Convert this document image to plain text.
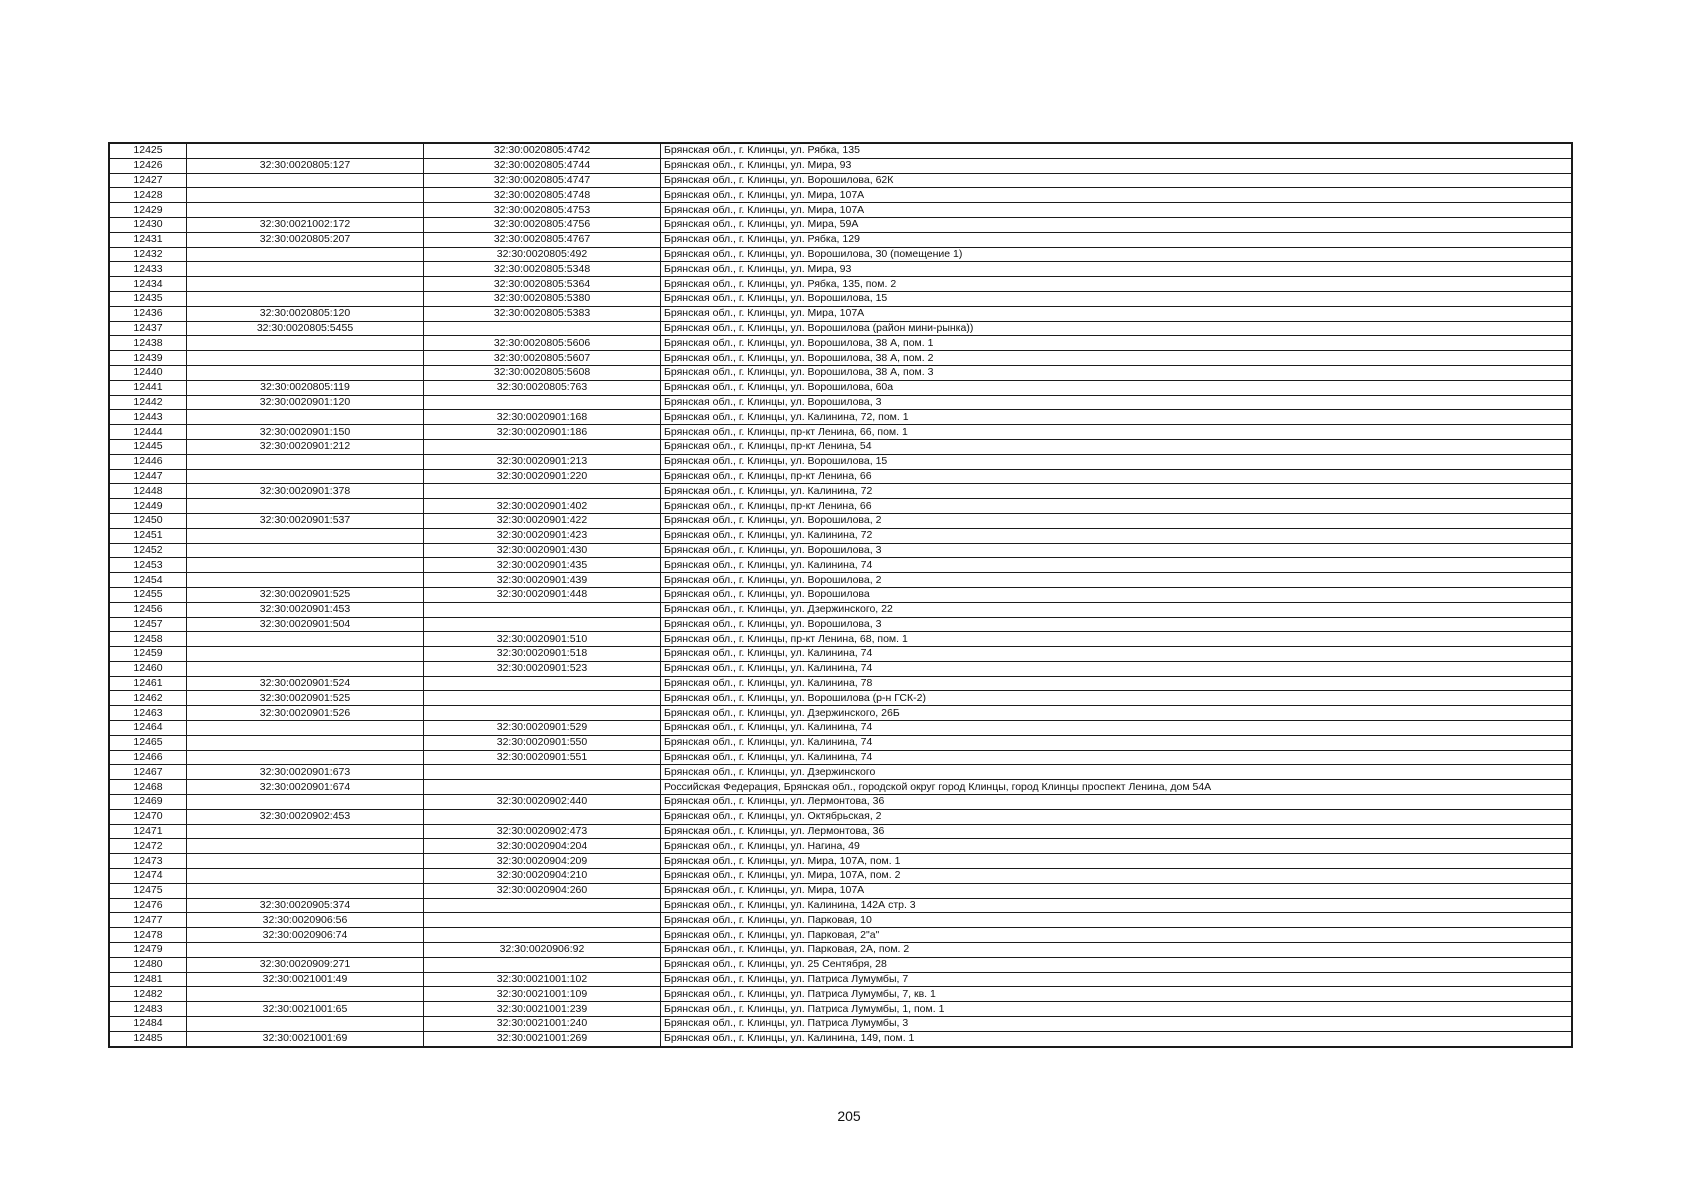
12425		32:30:0020805:4742	Брянская обл., г. Клинцы, ул. Рябка, 135
12426	32:30:0020805:127	32:30:0020805:4744	Брянская обл., г. Клинцы, ул. Мира, 93
12427		32:30:0020805:4747	Брянская обл., г. Клинцы, ул. Ворошилова, 62К
12428		32:30:0020805:4748	Брянская обл., г. Клинцы, ул. Мира, 107А
12429		32:30:0020805:4753	Брянская обл., г. Клинцы, ул. Мира, 107А
12430	32:30:0021002:172	32:30:0020805:4756	Брянская обл., г. Клинцы, ул. Мира, 59А
12431	32:30:0020805:207	32:30:0020805:4767	Брянская обл., г. Клинцы, ул. Рябка, 129
12432		32:30:0020805:492	Брянская обл., г. Клинцы, ул. Ворошилова, 30 (помещение 1)
12433		32:30:0020805:5348	Брянская обл., г. Клинцы, ул. Мира, 93
12434		32:30:0020805:5364	Брянская обл., г. Клинцы, ул. Рябка, 135, пом. 2
12435		32:30:0020805:5380	Брянская обл., г. Клинцы, ул. Ворошилова, 15
12436	32:30:0020805:120	32:30:0020805:5383	Брянская обл., г. Клинцы, ул. Мира, 107А
12437	32:30:0020805:5455		Брянская обл., г. Клинцы, ул. Ворошилова (район мини-рынка))
12438		32:30:0020805:5606	Брянская обл., г. Клинцы, ул. Ворошилова, 38 А, пом. 1
12439		32:30:0020805:5607	Брянская обл., г. Клинцы, ул. Ворошилова, 38 А, пом. 2
12440		32:30:0020805:5608	Брянская обл., г. Клинцы, ул. Ворошилова, 38 А, пом. 3
12441	32:30:0020805:119	32:30:0020805:763	Брянская обл., г. Клинцы, ул. Ворошилова, 60а
12442	32:30:0020901:120		Брянская обл., г. Клинцы, ул. Ворошилова, 3
12443		32:30:0020901:168	Брянская обл., г. Клинцы, ул. Калинина, 72, пом. 1
12444	32:30:0020901:150	32:30:0020901:186	Брянская обл., г. Клинцы, пр-кт Ленина, 66, пом. 1
12445	32:30:0020901:212		Брянская обл., г. Клинцы, пр-кт Ленина, 54
12446		32:30:0020901:213	Брянская обл., г. Клинцы, ул. Ворошилова, 15
12447		32:30:0020901:220	Брянская обл., г. Клинцы, пр-кт Ленина, 66
12448	32:30:0020901:378		Брянская обл., г. Клинцы, ул. Калинина, 72
12449		32:30:0020901:402	Брянская обл., г. Клинцы, пр-кт Ленина, 66
12450	32:30:0020901:537	32:30:0020901:422	Брянская обл., г. Клинцы, ул. Ворошилова, 2
12451		32:30:0020901:423	Брянская обл., г. Клинцы, ул. Калинина, 72
12452		32:30:0020901:430	Брянская обл., г. Клинцы, ул. Ворошилова, 3
12453		32:30:0020901:435	Брянская обл., г. Клинцы, ул. Калинина, 74
12454		32:30:0020901:439	Брянская обл., г. Клинцы, ул. Ворошилова, 2
12455	32:30:0020901:525	32:30:0020901:448	Брянская обл., г. Клинцы, ул. Ворошилова
12456	32:30:0020901:453		Брянская обл., г. Клинцы, ул. Дзержинского, 22
12457	32:30:0020901:504		Брянская обл., г. Клинцы, ул. Ворошилова, 3
12458		32:30:0020901:510	Брянская обл., г. Клинцы, пр-кт Ленина, 68, пом. 1
12459		32:30:0020901:518	Брянская обл., г. Клинцы, ул. Калинина, 74
12460		32:30:0020901:523	Брянская обл., г. Клинцы, ул. Калинина, 74
12461	32:30:0020901:524		Брянская обл., г. Клинцы, ул. Калинина, 78
12462	32:30:0020901:525		Брянская обл., г. Клинцы, ул. Ворошилова (р-н ГСК-2)
12463	32:30:0020901:526		Брянская обл., г. Клинцы, ул. Дзержинского, 26Б
12464		32:30:0020901:529	Брянская обл., г. Клинцы, ул. Калинина, 74
12465		32:30:0020901:550	Брянская обл., г. Клинцы, ул. Калинина, 74
12466		32:30:0020901:551	Брянская обл., г. Клинцы, ул. Калинина, 74
12467	32:30:0020901:673		Брянская обл., г. Клинцы, ул. Дзержинского
12468	32:30:0020901:674		Российская Федерация, Брянская обл., городской округ город Клинцы, город Клинцы проспект Ленина, дом 54А
12469		32:30:0020902:440	Брянская обл., г. Клинцы, ул. Лермонтова, 36
12470	32:30:0020902:453		Брянская обл., г. Клинцы, ул. Октябрьская, 2
12471		32:30:0020902:473	Брянская обл., г. Клинцы, ул. Лермонтова, 36
12472		32:30:0020904:204	Брянская обл., г. Клинцы, ул. Нагина, 49
12473		32:30:0020904:209	Брянская обл., г. Клинцы, ул. Мира, 107А, пом. 1
12474		32:30:0020904:210	Брянская обл., г. Клинцы, ул. Мира, 107А, пом. 2
12475		32:30:0020904:260	Брянская обл., г. Клинцы, ул. Мира, 107А
12476	32:30:0020905:374		Брянская обл., г. Клинцы, ул. Калинина, 142А стр. 3
12477	32:30:0020906:56		Брянская обл., г. Клинцы, ул. Парковая, 10
12478	32:30:0020906:74		Брянская обл., г. Клинцы, ул. Парковая, 2"а"
12479		32:30:0020906:92	Брянская обл., г. Клинцы, ул. Парковая, 2А, пом. 2
12480	32:30:0020909:271		Брянская обл., г. Клинцы, ул. 25 Сентября, 28
12481	32:30:0021001:49	32:30:0021001:102	Брянская обл., г. Клинцы, ул. Патриса Лумумбы, 7
12482		32:30:0021001:109	Брянская обл., г. Клинцы, ул. Патриса Лумумбы, 7, кв. 1
12483	32:30:0021001:65	32:30:0021001:239	Брянская обл., г. Клинцы, ул. Патриса Лумумбы, 1, пом. 1
12484		32:30:0021001:240	Брянская обл., г. Клинцы, ул. Патриса Лумумбы, 3
12485	32:30:0021001:69	32:30:0021001:269	Брянская обл., г. Клинцы, ул. Калинина, 149, пом. 1
205
